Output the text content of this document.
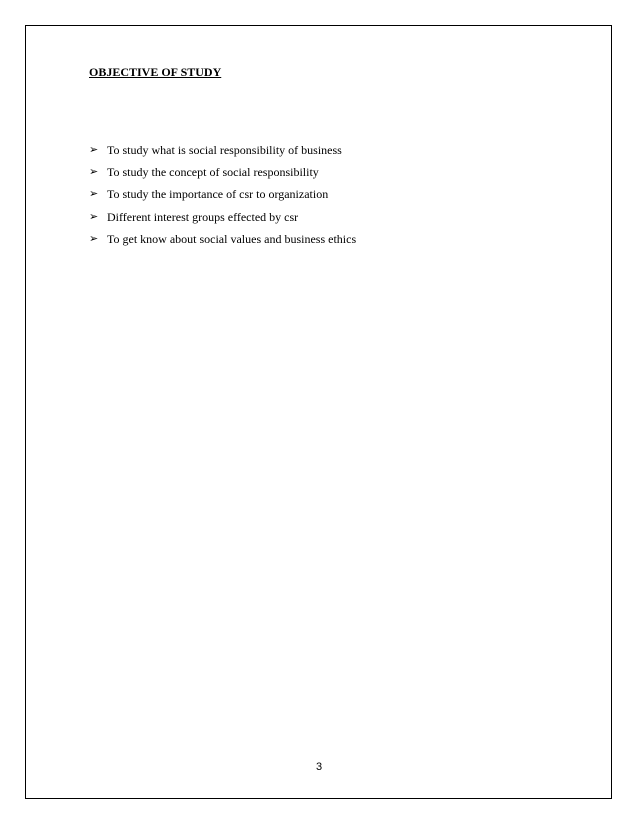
OBJECTIVE OF STUDY
➢ To study what is social responsibility of business
➢ To study the concept of social responsibility
➢ To study the importance of csr to organization
➢ Different interest groups effected by csr
➢ To get know about social values and business ethics
3
